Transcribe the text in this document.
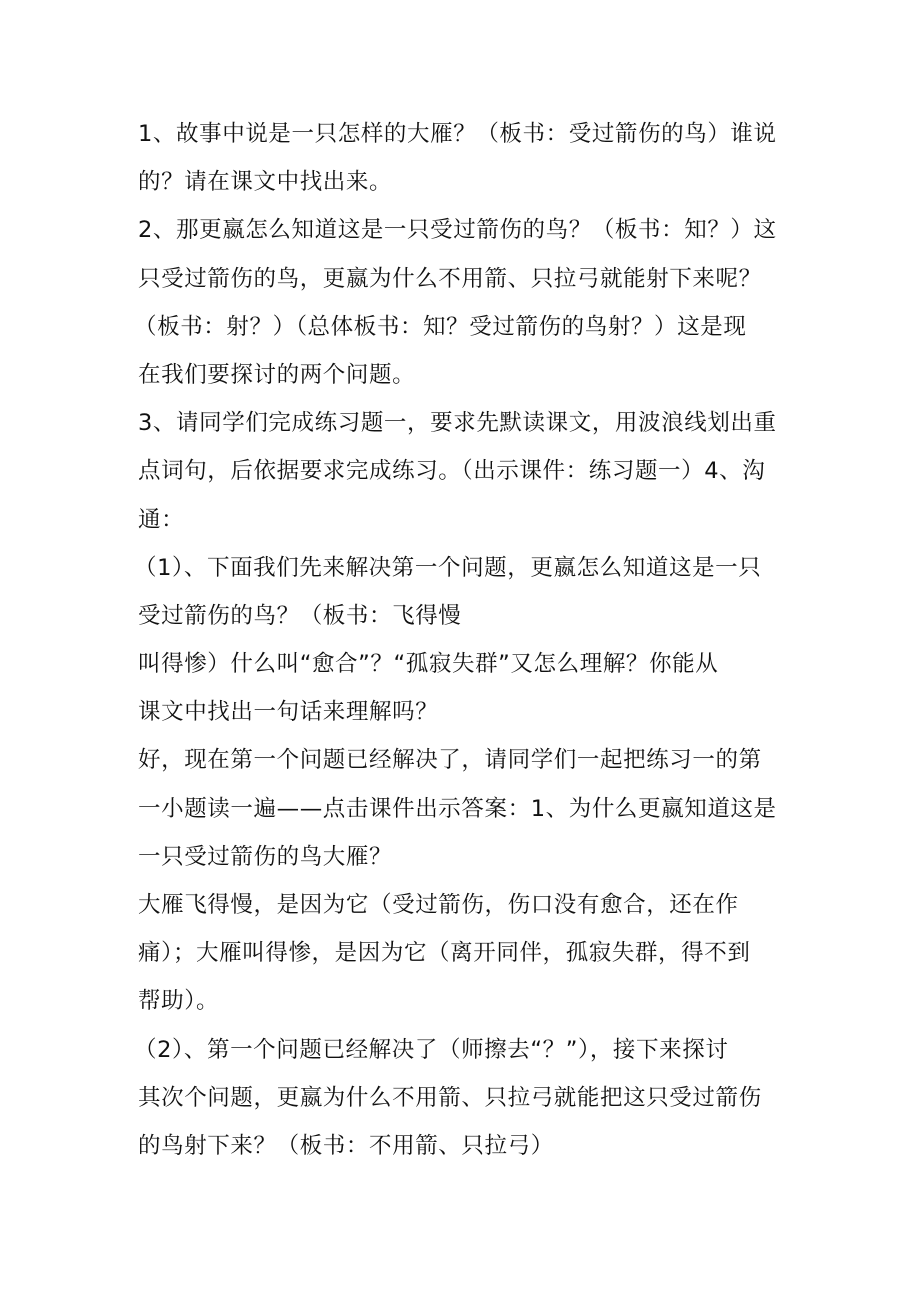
1、故事中说是一只怎样的大雁？（板书：受过箭伤的鸟）谁说
的？请在课文中找出来。
2、那更嬴怎么知道这是一只受过箭伤的鸟？（板书：知？）这
只受过箭伤的鸟，更嬴为什么不用箭、只拉弓就能射下来呢？
（板书：射？）（总体板书：知？受过箭伤的鸟射？）这是现
在我们要探讨的两个问题。
3、请同学们完成练习题一，要求先默读课文，用波浪线划出重
点词句，后依据要求完成练习。（出示课件：练习题一）4、沟
通：
（1）、下面我们先来解决第一个问题，更嬴怎么知道这是一只
受过箭伤的鸟？（板书：飞得慢
叫得惨）什么叫“愈合”？“孤寂失群”又怎么理解？你能从
课文中找出一句话来理解吗？
好，现在第一个问题已经解决了，请同学们一起把练习一的第
一小题读一遍——点击课件出示答案：1、为什么更嬴知道这是
一只受过箭伤的鸟大雁？
大雁飞得慢，是因为它（受过箭伤，伤口没有愈合，还在作
痛）；大雁叫得惨，是因为它（离开同伴，孤寂失群，得不到
帮助）。
（2）、第一个问题已经解决了（师擦去“？”），接下来探讨
其次个问题，更嬴为什么不用箭、只拉弓就能把这只受过箭伤
的鸟射下来？（板书：不用箭、只拉弓）
